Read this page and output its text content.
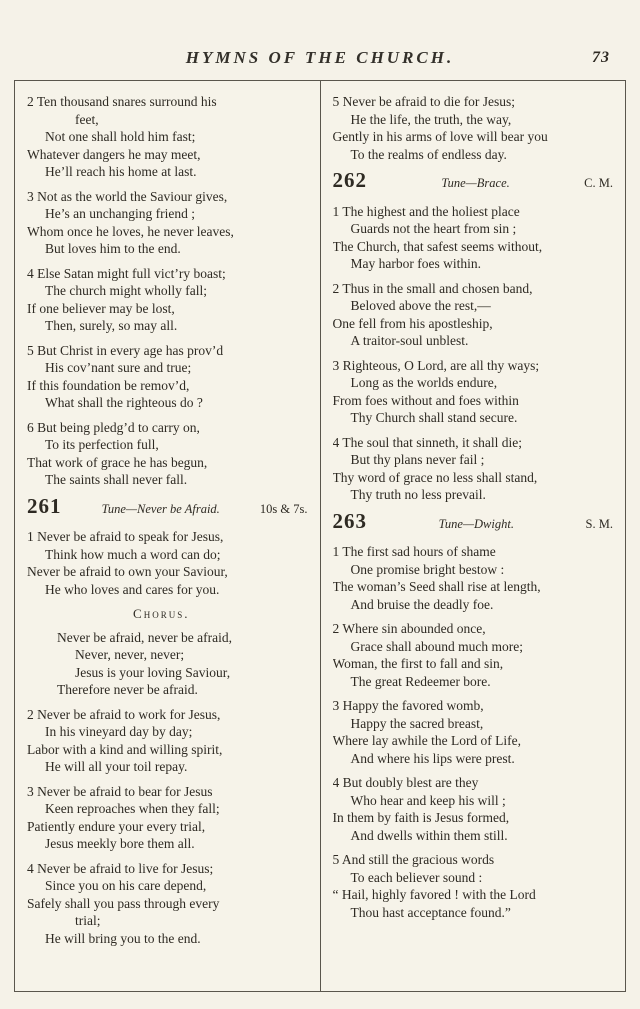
HYMNS OF THE CHURCH.	73
2 Ten thousand snares surround his
feet,
Not one shall hold him fast;
Whatever dangers he may meet,
He’ll reach his home at last.
3 Not as the world the Saviour gives,
He’s an unchanging friend ;
Whom once he loves, he never leaves,
But loves him to the end.
4 Else Satan might full vict’ry boast;
The church might wholly fall;
If one believer may be lost,
Then, surely, so may all.
5 But Christ in every age has prov’d
His cov’nant sure and true;
If this foundation be remov’d,
What shall the righteous do ?
6 But being pledg’d to carry on,
To its perfection full,
That work of grace he has begun,
The saints shall never fall.
261	Tune—Never be Afraid.	10s & 7s.
1 Never be afraid to speak for Jesus,
Think how much a word can do;
Never be afraid to own your Saviour,
He who loves and cares for you.
Chorus.
Never be afraid, never be afraid,
Never, never, never;
Jesus is your loving Saviour,
Therefore never be afraid.
2 Never be afraid to work for Jesus,
In his vineyard day by day;
Labor with a kind and willing spirit,
He will all your toil repay.
3 Never be afraid to bear for Jesus
Keen reproaches when they fall;
Patiently endure your every trial,
Jesus meekly bore them all.
4 Never be afraid to live for Jesus;
Since you on his care depend,
Safely shall you pass through every
trial;
He will bring you to the end.
5 Never be afraid to die for Jesus;
He the life, the truth, the way,
Gently in his arms of love will bear you
To the realms of endless day.
262	Tune—Brace.	C. M.
1 The highest and the holiest place
Guards not the heart from sin ;
The Church, that safest seems without,
May harbor foes within.
2 Thus in the small and chosen band,
Beloved above the rest,—
One fell from his apostleship,
A traitor-soul unblest.
3 Righteous, O Lord, are all thy ways;
Long as the worlds endure,
From foes without and foes within
Thy Church shall stand secure.
4 The soul that sinneth, it shall die;
But thy plans never fail ;
Thy word of grace no less shall stand,
Thy truth no less prevail.
263	Tune—Dwight.	S. M.
1 The first sad hours of shame
One promise bright bestow :
The woman’s Seed shall rise at length,
And bruise the deadly foe.
2 Where sin abounded once,
Grace shall abound much more;
Woman, the first to fall and sin,
The great Redeemer bore.
3 Happy the favored womb,
Happy the sacred breast,
Where lay awhile the Lord of Life,
And where his lips were prest.
4 But doubly blest are they
Who hear and keep his will ;
In them by faith is Jesus formed,
And dwells within them still.
5 And still the gracious words
To each believer sound :
“ Hail, highly favored ! with the Lord
Thou hast acceptance found.”
